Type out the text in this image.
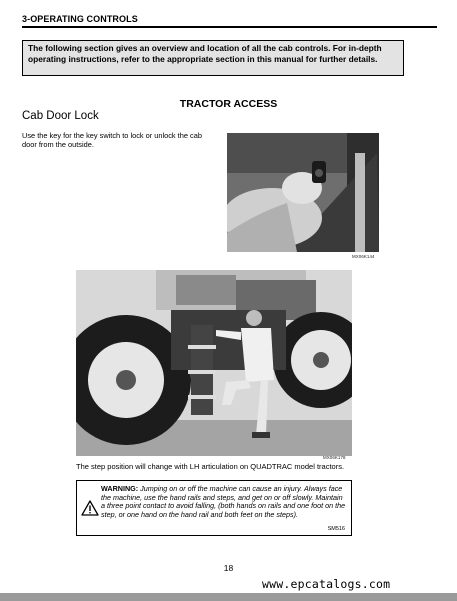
3-OPERATING CONTROLS
The following section gives an overview and location of all the cab controls. For in-depth operating instructions, refer to the appropriate section in this manual for further details.
TRACTOR ACCESS
Cab Door Lock
Use the key for the key switch to lock or unlock the cab door from the outside.
MX06K144
MX06K178
The step position will change with LH articulation on QUADTRAC model tractors.
WARNING: Jumping on or off the machine can cause an injury. Always face the machine, use the hand rails and steps, and get on or off slowly. Maintain a three point contact to avoid falling, (both hands on rails and one foot on the step, or one hand on the hand rail and both feet on the steps).
SM516
18
www.epcatalogs.com
